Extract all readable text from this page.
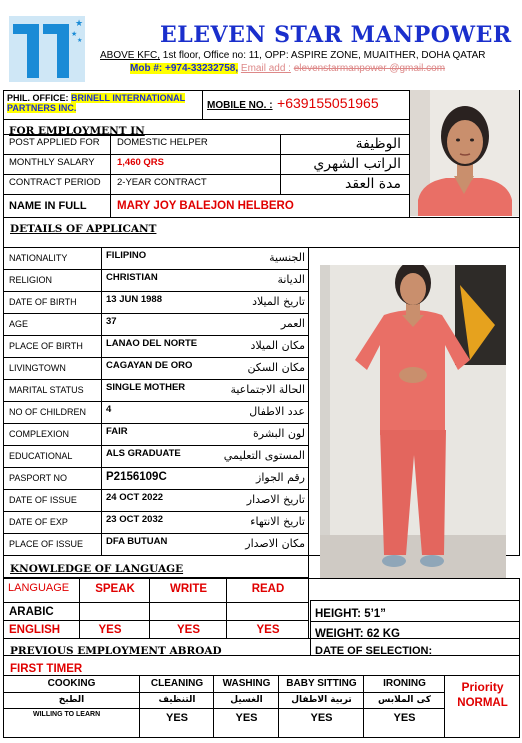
★
★
★	ELEVEN STAR MANPOWER
ABOVE KFC, 1st floor, Office no: 11, OPP: ASPIRE ZONE, MUAITHER, DOHA QATAR
Mob #: +974-33232758, Email add : elevenstarmanpower @gmail.com
PHIL. OFFICE: BRINELL INTERNATIONAL PARTNERS INC.	MOBILE NO. : +639155051965
FOR EMPLOYMENT IN
POST APPLIED FOR DOMESTIC HELPER	الوظيفة
MONTHLY SALARY 1,460 QRS	الراتب الشهري
CONTRACT PERIOD 2-YEAR CONTRACT	مدة العقد
NAME IN FULL	MARY JOY BALEJON HELBERO
DETAILS OF APPLICANT
NATIONALITY	FILIPINO	الجنسية
RELIGION	CHRISTIAN	الديانة
DATE OF BIRTH	13 JUN 1988	تاريخ الميلاد
AGE	37	العمر
PLACE OF BIRTH LANAO DEL NORTE	مكان الميلاد
LIVINGTOWN	CAGAYAN DE ORO	مكان السكن
MARITAL STATUS SINGLE MOTHER	الحالة الاجتماعية
NO OF CHILDREN 4	عدد الاطفال
COMPLEXION	FAIR	لون البشرة
EDUCATIONAL	ALS GRADUATE	المستوى التعليمي
PASPORT NO	P2156109C	رقم الجواز
DATE OF ISSUE	24 OCT 2022	تاريخ الاصدار
DATE OF EXP	23 OCT 2032	تاريخ الانتهاء
PLACE OF ISSUE DFA BUTUAN	مكان الاصدار
KNOWLEDGE OF LANGUAGE
LANGUAGE	SPEAK	WRITE	READ
ARABIC
ENGLISH	YES	YES	YES
HEIGHT: 5’1”
WEIGHT: 62 KG
PREVIOUS EMPLOYMENT ABROAD	DATE OF SELECTION:
FIRST TIMER
COOKING	CLEANING	WASHING	BABY SITTING	IRONING
الطبخ	التنظيف	الغسيل	تربية الاطفال	كى الملابس
WILLING TO LEARN	YES	YES	YES	YES
Priority
NORMAL
